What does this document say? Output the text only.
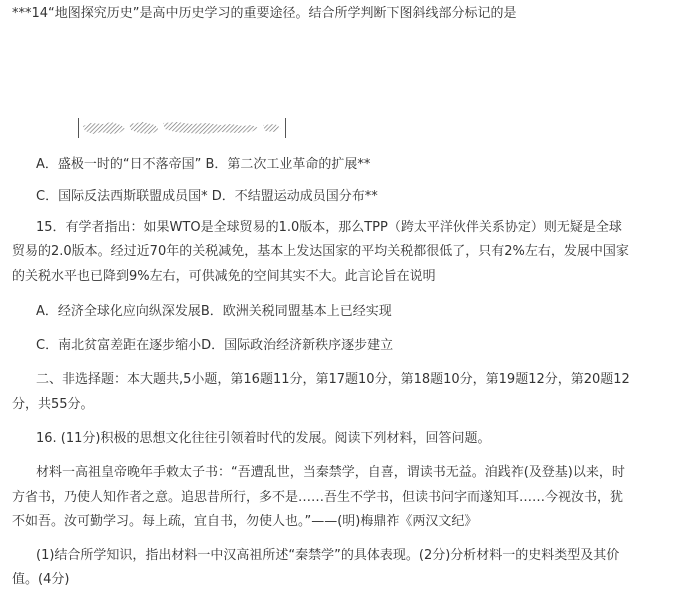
***14“地图探究历史”是高中历史学习的重要途径。结合所学判断下图斜线部分标记的是
A．盛极一时的“日不落帝国” B．第二次工业革命的扩展**
C．国际反法西斯联盟成员国* D．不结盟运动成员国分布**
15．有学者指出：如果WTO是全球贸易的1.0版本，那么TPP（跨太平洋伙伴关系协定）则无疑是全球
贸易的2.0版本。经过近70年的关税减免，基本上发达国家的平均关税都很低了，只有2%左右，发展中国家
的关税水平也已降到9%左右，可供减免的空间其实不大。此言论旨在说明
A．经济全球化应向纵深发展B．欧洲关税同盟基本上已经实现
C．南北贫富差距在逐步缩小D．国际政治经济新秩序逐步建立
二、非选择题：本大题共,5小题，第16题11分，第17题10分，第18题10分，第19题12分，第20题12
分，共55分。
16. (11分)积极的思想文化往往引领着时代的发展。阅读下列材料，回答问题。
材料一高祖皇帝晚年手敕太子书：“吾遭乱世，当秦禁学，自喜，谓读书无益。洎践祚(及登基)以来，时
方省书，乃使人知作者之意。追思昔所行，多不是……吾生不学书，但读书问字而遂知耳……今视汝书，犹
不如吾。汝可勤学习。每上疏，宜自书，勿使人也。”——(明)梅鼎祚《两汉文纪》
(1)结合所学知识，指出材料一中汉高祖所述“秦禁学”的具体表现。(2分)分析材料一的史料类型及其价
值。(4分)
